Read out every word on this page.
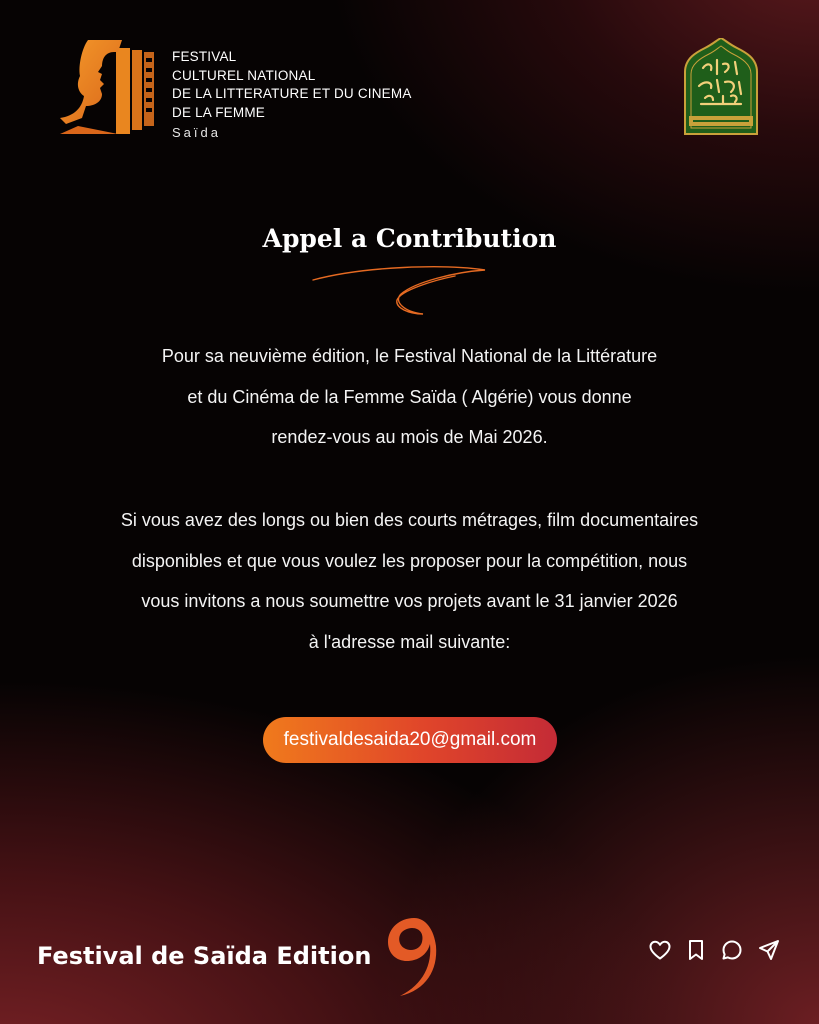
FESTIVAL
CULTUREL NATIONAL
DE LA LITTERATURE ET DU CINEMA
DE LA FEMME
Saïda
Appel a Contribution
Pour sa neuvième édition, le Festival National de la Littérature
et du Cinéma de la Femme Saïda ( Algérie) vous donne
rendez-vous au mois de Mai 2026.
Si vous avez des longs ou bien des courts métrages, film documentaires
disponibles et que vous voulez les proposer pour la compétition, nous
vous invitons a nous soumettre vos projets avant le 31 janvier 2026
à l'adresse mail suivante:
festivaldesaida20@gmail.com
Festival de Saïda Edition
